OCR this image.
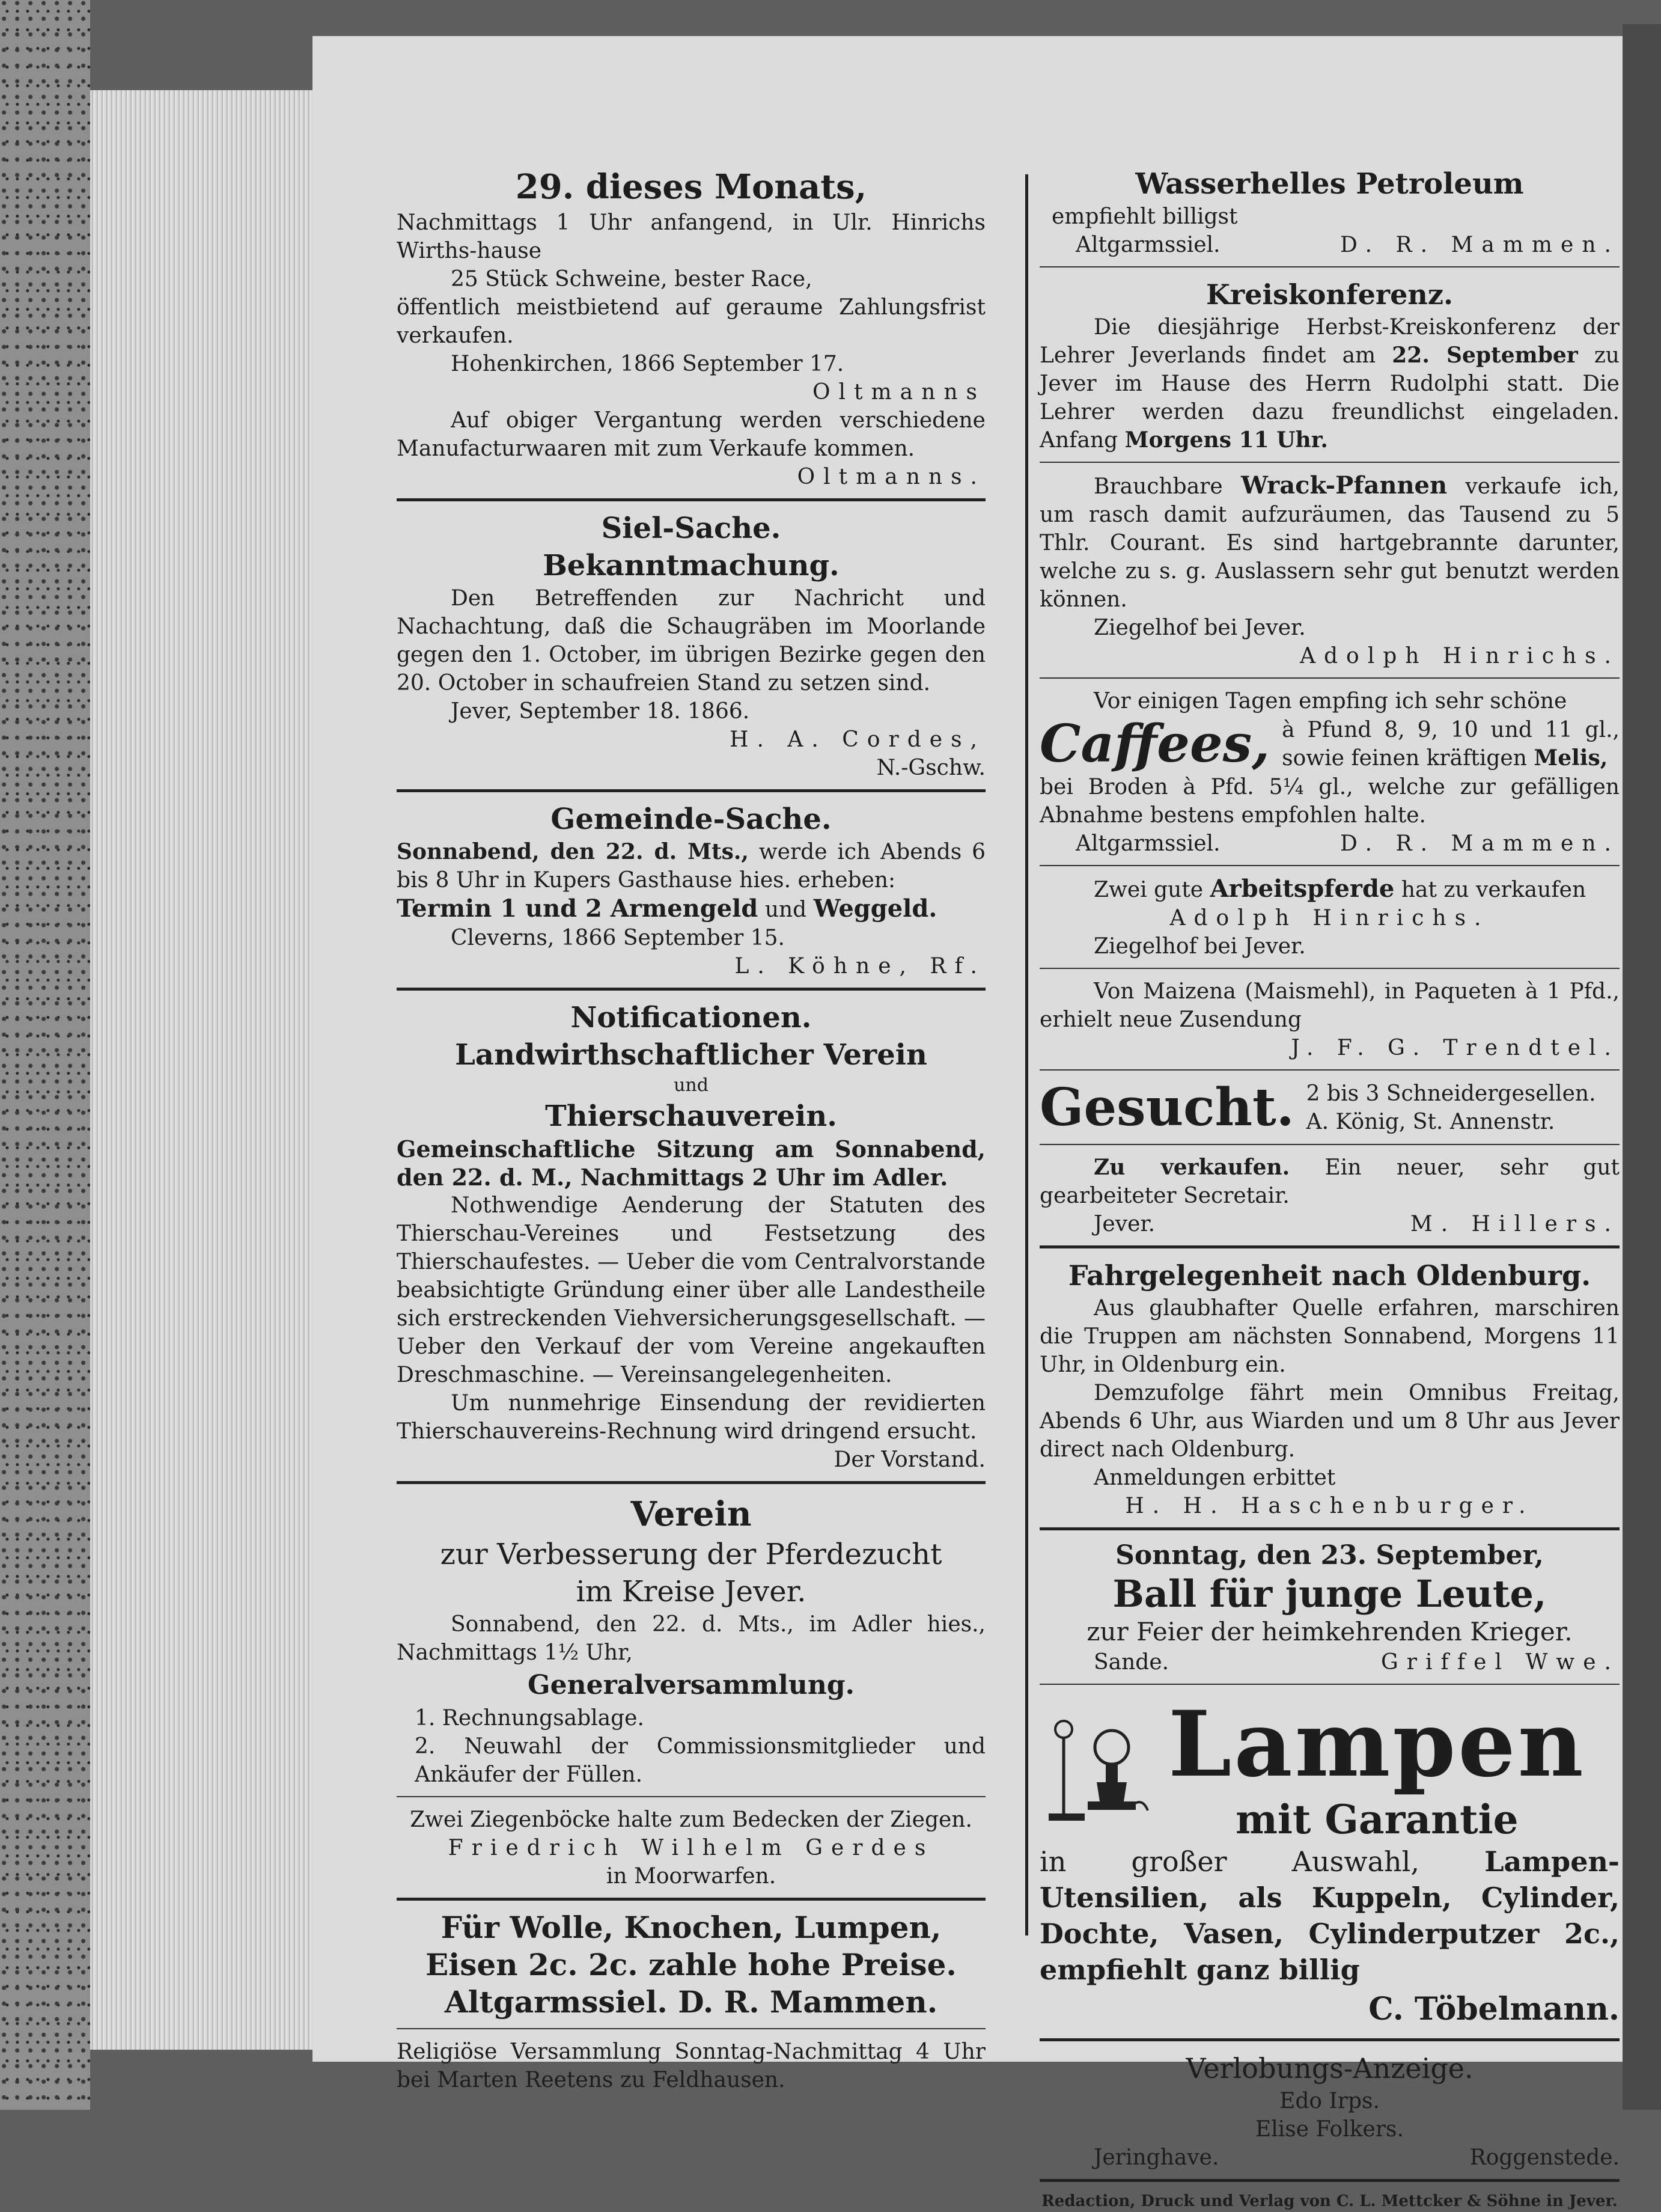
29. dieses Monats,

Nachmittags 1 Uhr anfangend, in Ulr. Hinrichs Wirths-hause

25 Stück Schweine, bester Race,

öffentlich meistbietend auf geraume Zahlungsfrist verkaufen.

Hohenkirchen, 1866 September 17.

Oltmanns

Auf obiger Vergantung werden verschiedene Manufacturwaaren mit zum Verkaufe kommen.

Oltmanns.

Siel-Sache.

Bekanntmachung.

Den Betreffenden zur Nachricht und Nachachtung, daß die Schaugräben im Moorlande gegen den 1. October, im übrigen Bezirke gegen den 20. October in schaufreien Stand zu setzen sind.

Jever, September 18. 1866.

H. A. Cordes,

N.-Gschw.

Gemeinde-Sache.

Sonnabend, den 22. d. Mts., werde ich Abends 6 bis 8 Uhr in Kupers Gasthause hies. erheben:

Termin 1 und 2 Armengeld und Weggeld.

Cleverns, 1866 September 15.

L. Köhne, Rf.

Notificationen.

Landwirthschaftlicher Verein

und

Thierschauverein.

Gemeinschaftliche Sitzung am Sonnabend, den 22. d. M., Nachmittags 2 Uhr im Adler.

Nothwendige Aenderung der Statuten des Thierschau-Vereines und Festsetzung des Thierschaufestes. — Ueber die vom Centralvorstande beabsichtigte Gründung einer über alle Landestheile sich erstreckenden Viehversicherungsgesellschaft. — Ueber den Verkauf der vom Vereine angekauften Dreschmaschine. — Vereinsangelegenheiten.

Um nunmehrige Einsendung der revidierten Thierschauvereins-Rechnung wird dringend ersucht.

Der Vorstand.

Verein

zur Verbesserung der Pferdezucht

im Kreise Jever.

Sonnabend, den 22. d. Mts., im Adler hies., Nachmittags 1½ Uhr,

Generalversammlung.

1. Rechnungsablage.

2. Neuwahl der Commissionsmitglieder und Ankäufer der Füllen.

Zwei Ziegenböcke halte zum Bedecken der Ziegen.

Friedrich Wilhelm Gerdes

in Moorwarfen.

Für Wolle, Knochen, Lumpen,

Eisen 2c. 2c. zahle hohe Preise.

Altgarmssiel. D. R. Mammen.

Religiöse Versammlung Sonntag-Nachmittag 4 Uhr bei Marten Reetens zu Feldhausen.

Wasserhelles Petroleum

empfiehlt billigst

Altgarmssiel.	D. R. Mammen.

Kreiskonferenz.

Die diesjährige Herbst-Kreiskonferenz der Lehrer Jeverlands findet am 22. September zu Jever im Hause des Herrn Rudolphi statt. Die Lehrer werden dazu freundlichst eingeladen. Anfang Morgens 11 Uhr.

Brauchbare Wrack-Pfannen verkaufe ich, um rasch damit aufzuräumen, das Tausend zu 5 Thlr. Courant. Es sind hartgebrannte darunter, welche zu s. g. Auslassern sehr gut benutzt werden können.

Ziegelhof bei Jever.

Adolph Hinrichs.

Vor einigen Tagen empfing ich sehr schöne

Caffees, à Pfund 8, 9, 10 und 11 gl., sowie feinen kräftigen Melis,

bei Broden à Pfd. 5¼ gl., welche zur gefälligen Abnahme bestens empfohlen halte.

Altgarmssiel.	D. R. Mammen.

Zwei gute Arbeitspferde hat zu verkaufen

Adolph Hinrichs.

Ziegelhof bei Jever.

Von Maizena (Maismehl), in Paqueten à 1 Pfd., erhielt neue Zusendung

J. F. G. Trendtel.

Gesucht. 2 bis 3 Schneidergesellen.

A. König, St. Annenstr.

Zu verkaufen. Ein neuer, sehr gut gearbeiteter Secretair.

Jever.	M. Hillers.

Fahrgelegenheit nach Oldenburg.

Aus glaubhafter Quelle erfahren, marschiren die Truppen am nächsten Sonnabend, Morgens 11 Uhr, in Oldenburg ein.

Demzufolge fährt mein Omnibus Freitag, Abends 6 Uhr, aus Wiarden und um 8 Uhr aus Jever direct nach Oldenburg.

Anmeldungen erbittet

H. H. Haschenburger.

Sonntag, den 23. September,

Ball für junge Leute,

zur Feier der heimkehrenden Krieger.

Sande.	Griffel Wwe.

Lampen

mit Garantie

in großer Auswahl, Lampen-Utensilien, als Kuppeln, Cylinder, Dochte, Vasen, Cylinderputzer 2c., empfiehlt ganz billig

C. Töbelmann.

Verlobungs-Anzeige.

Edo Irps.

Elise Folkers.

Jeringhave.	Roggenstede.

Redaction, Druck und Verlag von C. L. Mettcker & Söhne in Jever.
